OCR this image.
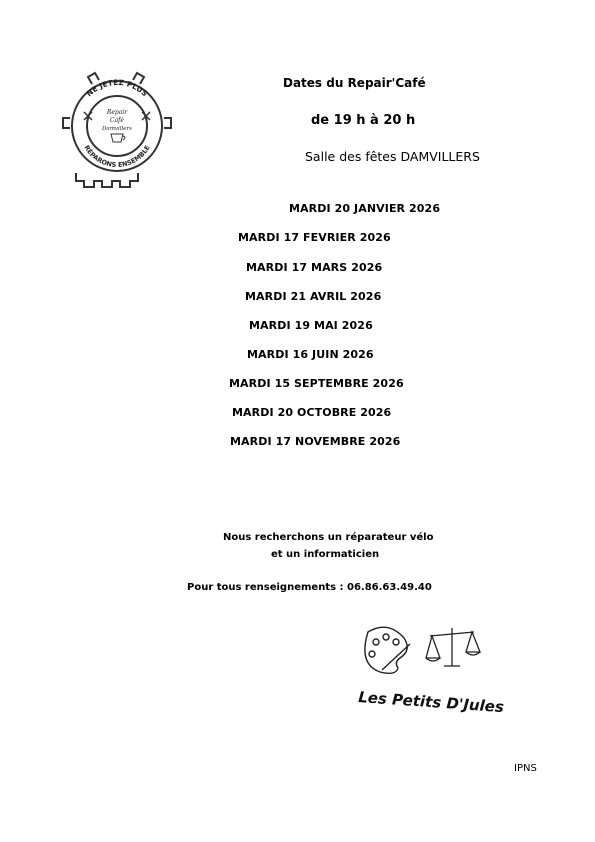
NE JETEZ PLUS
RÉPARONS ENSEMBLE
Repair
Café
Damvillers
Dates du Repair'Café
de 19 h à 20 h
Salle des fêtes DAMVILLERS
MARDI 20 JANVIER 2026
MARDI 17 FEVRIER 2026
MARDI 17 MARS 2026
MARDI 21 AVRIL 2026
MARDI 19 MAI 2026
MARDI 16 JUIN 2026
MARDI 15 SEPTEMBRE 2026
MARDI 20 OCTOBRE 2026
MARDI 17 NOVEMBRE 2026
Nous recherchons un réparateur vélo
et un informaticien
Pour tous renseignements : 06.86.63.49.40
Les Petits D'Jules
IPNS
